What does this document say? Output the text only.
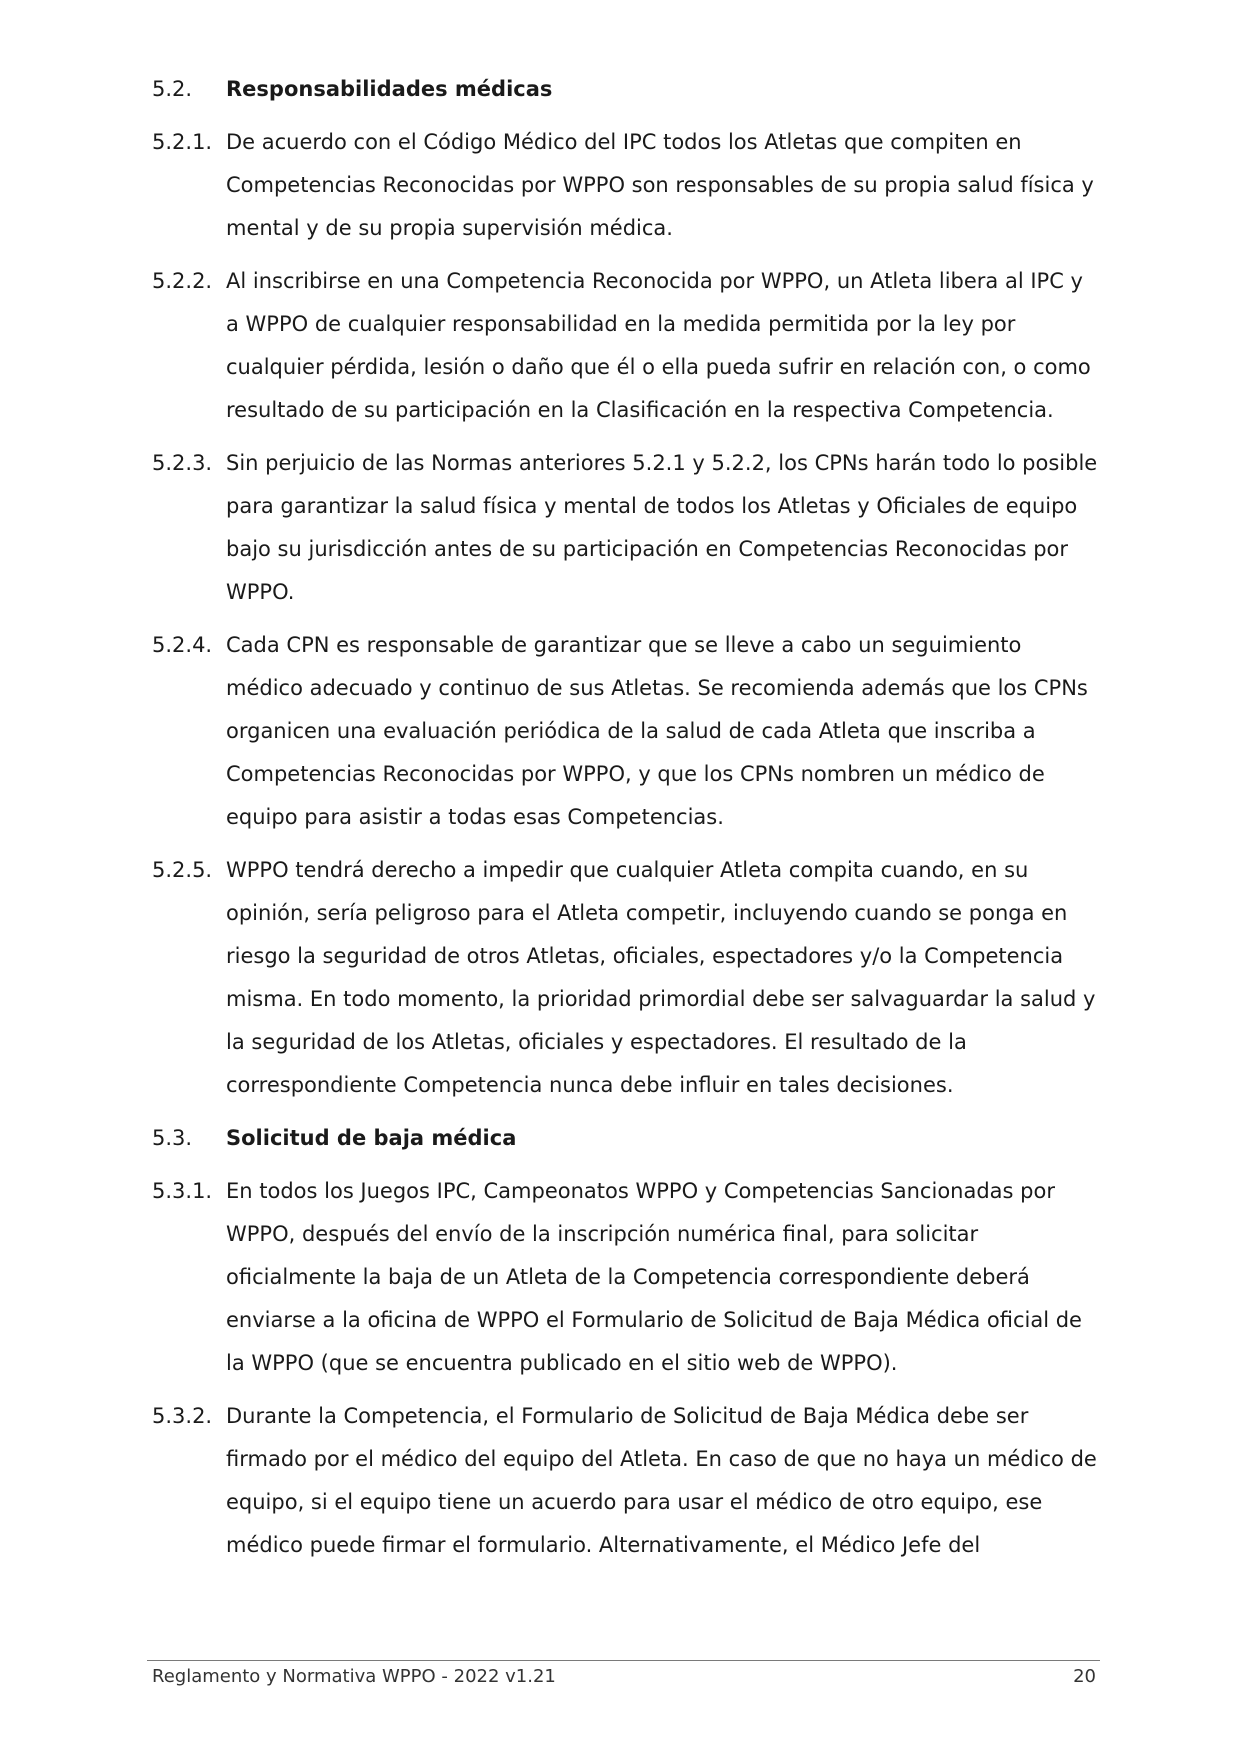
5.2.	Responsabilidades médicas
5.2.1. De acuerdo con el Código Médico del IPC todos los Atletas que compiten en Competencias Reconocidas por WPPO son responsables de su propia salud física y mental y de su propia supervisión médica.
5.2.2. Al inscribirse en una Competencia Reconocida por WPPO, un Atleta libera al IPC y a WPPO de cualquier responsabilidad en la medida permitida por la ley por cualquier pérdida, lesión o daño que él o ella pueda sufrir en relación con, o como resultado de su participación en la Clasificación en la respectiva Competencia.
5.2.3. Sin perjuicio de las Normas anteriores 5.2.1 y 5.2.2, los CPNs harán todo lo posible para garantizar la salud física y mental de todos los Atletas y Oficiales de equipo bajo su jurisdicción antes de su participación en Competencias Reconocidas por WPPO.
5.2.4. Cada CPN es responsable de garantizar que se lleve a cabo un seguimiento médico adecuado y continuo de sus Atletas. Se recomienda además que los CPNs organicen una evaluación periódica de la salud de cada Atleta que inscriba a Competencias Reconocidas por WPPO, y que los CPNs nombren un médico de equipo para asistir a todas esas Competencias.
5.2.5. WPPO tendrá derecho a impedir que cualquier Atleta compita cuando, en su opinión, sería peligroso para el Atleta competir, incluyendo cuando se ponga en riesgo la seguridad de otros Atletas, oficiales, espectadores y/o la Competencia misma. En todo momento, la prioridad primordial debe ser salvaguardar la salud y la seguridad de los Atletas, oficiales y espectadores. El resultado de la correspondiente Competencia nunca debe influir en tales decisiones.
5.3.	Solicitud de baja médica
5.3.1. En todos los Juegos IPC, Campeonatos WPPO y Competencias Sancionadas por WPPO, después del envío de la inscripción numérica final, para solicitar oficialmente la baja de un Atleta de la Competencia correspondiente deberá enviarse a la oficina de WPPO el Formulario de Solicitud de Baja Médica oficial de la WPPO (que se encuentra publicado en el sitio web de WPPO).
5.3.2. Durante la Competencia, el Formulario de Solicitud de Baja Médica debe ser firmado por el médico del equipo del Atleta. En caso de que no haya un médico de equipo, si el equipo tiene un acuerdo para usar el médico de otro equipo, ese médico puede firmar el formulario. Alternativamente, el Médico Jefe del
Reglamento y Normativa WPPO - 2022 v1.21	20
